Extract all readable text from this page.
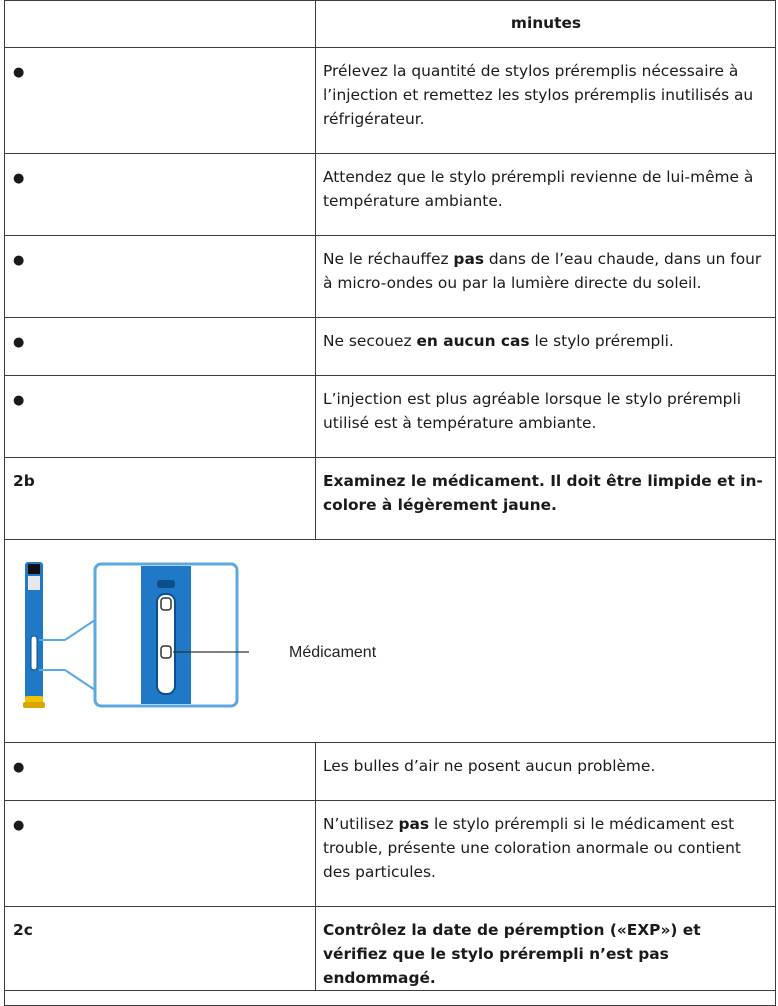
	minutes
●	Prélevez la quantité de stylos préremplis nécessaire à l’injection et remettez les stylos préremplis inutilisés au réfrigérateur.
●	Attendez que le stylo prérempli revienne de lui-même à température ambiante.
●	Ne le réchauffez pas dans de l’eau chaude, dans un four à micro-ondes ou par la lumière directe du soleil.
●	Ne secouez en aucun cas le stylo prérempli.
●	L’injection est plus agréable lorsque le stylo prérempli utilisé est à température ambiante.
2b	Examinez le médicament. Il doit être limpide et in-colore à légèrement jaune.

Médicament	

●	Les bulles d’air ne posent aucun problème.
●	N’utilisez pas le stylo prérempli si le médicament est trouble, présente une coloration anormale ou contient des particules.
2c	Contrôlez la date de péremption («EXP») et vérifiez que le stylo prérempli n’est pas endommagé.
